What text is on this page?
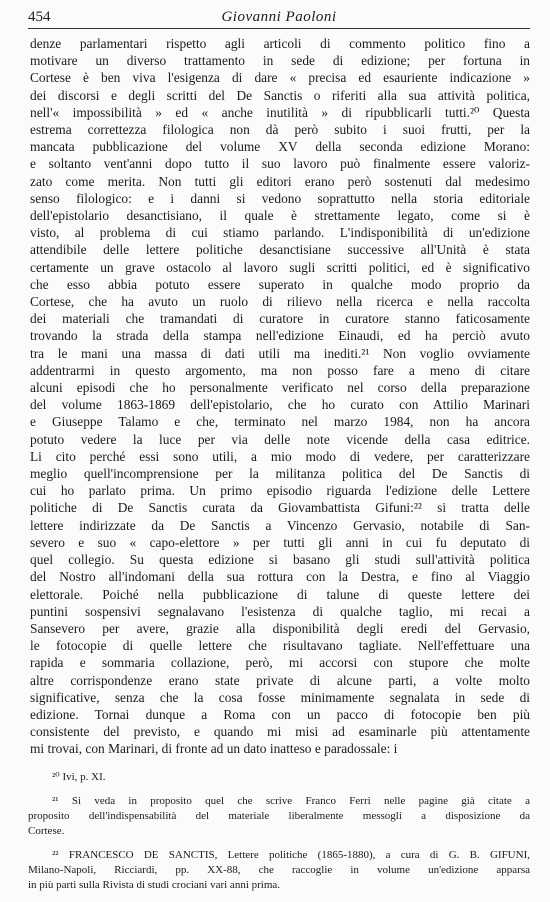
454	Giovanni Paoloni
denze parlamentari rispetto agli articoli di commento politico fino a
motivare un diverso trattamento in sede di edizione; per fortuna in
Cortese è ben viva l'esigenza di dare « precisa ed esauriente indicazione »
dei discorsi e degli scritti del De Sanctis o riferiti alla sua attività politica,
nell'« impossibilità » ed « anche inutilità » di ripubblicarli tutti.²⁰ Questa
estrema correttezza filologica non dà però subito i suoi frutti, per la
mancata pubblicazione del volume XV della seconda edizione Morano:
e soltanto vent'anni dopo tutto il suo lavoro può finalmente essere valoriz-
zato come merita. Non tutti gli editori erano però sostenuti dal medesimo
senso filologico: e i danni si vedono soprattutto nella storia editoriale
dell'epistolario desanctisiano, il quale è strettamente legato, come si è
visto, al problema di cui stiamo parlando. L'indisponibilità di un'edizione
attendibile delle lettere politiche desanctisiane successive all'Unità è stata
certamente un grave ostacolo al lavoro sugli scritti politici, ed è significativo
che esso abbia potuto essere superato in qualche modo proprio da
Cortese, che ha avuto un ruolo di rilievo nella ricerca e nella raccolta
dei materiali che tramandati di curatore in curatore stanno faticosamente
trovando la strada della stampa nell'edizione Einaudi, ed ha perciò avuto
tra le mani una massa di dati utili ma inediti.²¹ Non voglio ovviamente
addentrarmi in questo argomento, ma non posso fare a meno di citare
alcuni episodi che ho personalmente verificato nel corso della preparazione
del volume 1863-1869 dell'epistolario, che ho curato con Attilio Marinari
e Giuseppe Talamo e che, terminato nel marzo 1984, non ha ancora
potuto vedere la luce per via delle note vicende della casa editrice.
Li cito perché essi sono utili, a mio modo di vedere, per caratterizzare
meglio quell'incomprensione per la militanza politica del De Sanctis di
cui ho parlato prima. Un primo episodio riguarda l'edizione delle Lettere
politiche di De Sanctis curata da Giovambattista Gifuni:²² si tratta delle
lettere indirizzate da De Sanctis a Vincenzo Gervasio, notabile di San-
severo e suo « capo-elettore » per tutti gli anni in cui fu deputato di
quel collegio. Su questa edizione si basano gli studi sull'attività politica
del Nostro all'indomani della sua rottura con la Destra, e fino al Viaggio
elettorale. Poiché nella pubblicazione di talune di queste lettere dei
puntini sospensivi segnalavano l'esistenza di qualche taglio, mi recai a
Sansevero per avere, grazie alla disponibilità degli eredi del Gervasio,
le fotocopie di quelle lettere che risultavano tagliate. Nell'effettuare una
rapida e sommaria collazione, però, mi accorsi con stupore che molte
altre corrispondenze erano state private di alcune parti, a volte molto
significative, senza che la cosa fosse minimamente segnalata in sede di
edizione. Tornai dunque a Roma con un pacco di fotocopie ben più
consistente del previsto, e quando mi misi ad esaminarle più attentamente
mi trovai, con Marinari, di fronte ad un dato inatteso e paradossale: i
²⁰ Ivi, p. XI.
²¹ Si veda in proposito quel che scrive Franco Ferri nelle pagine già citate a
proposito dell'indispensabilità del materiale liberalmente messogli a disposizione da
Cortese.
²² FRANCESCO DE SANCTIS, Lettere politiche (1865-1880), a cura di G. B. GIFUNI,
Milano-Napoli, Ricciardi, pp. XX-88, che raccoglie in volume un'edizione apparsa
in più parti sulla Rivista di studi crociani vari anni prima.
